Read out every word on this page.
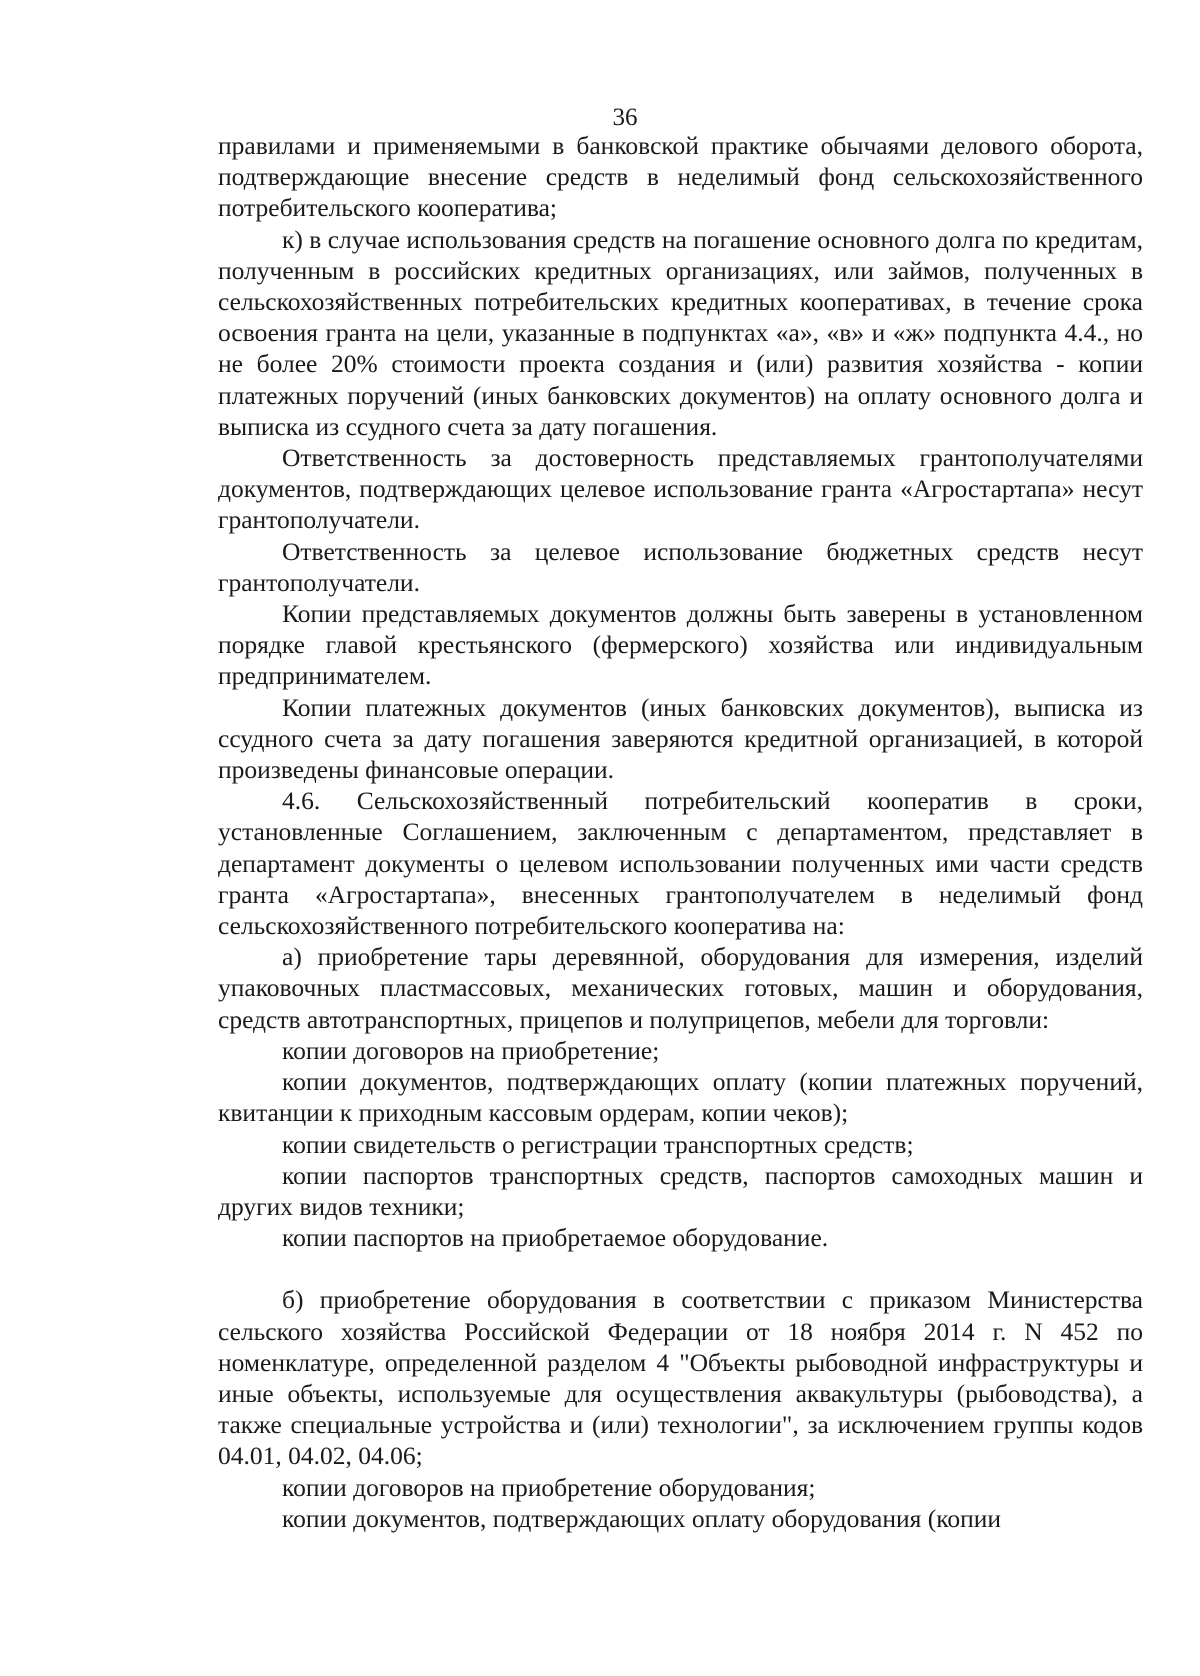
36

правилами и применяемыми в банковской практике обычаями делового оборота, подтверждающие внесение средств в неделимый фонд сельскохозяйственного потребительского кооператива;

к) в случае использования средств на погашение основного долга по кредитам, полученным в российских кредитных организациях, или займов, полученных в сельскохозяйственных потребительских кредитных кооперативах, в течение срока освоения гранта на цели, указанные в подпунктах «а», «в» и «ж» подпункта 4.4., но не более 20% стоимости проекта создания и (или) развития хозяйства - копии платежных поручений (иных банковских документов) на оплату основного долга и выписка из ссудного счета за дату погашения.

Ответственность за достоверность представляемых грантополучателями документов, подтверждающих целевое использование гранта «Агростартапа» несут грантополучатели.

Ответственность за целевое использование бюджетных средств несут грантополучатели.

Копии представляемых документов должны быть заверены в установленном порядке главой крестьянского (фермерского) хозяйства или индивидуальным предпринимателем.

Копии платежных документов (иных банковских документов), выписка из ссудного счета за дату погашения заверяются кредитной организацией, в которой произведены финансовые операции.

4.6. Сельскохозяйственный потребительский кооператив в сроки, установленные Соглашением, заключенным с департаментом, представляет в департамент документы о целевом использовании полученных ими части средств гранта «Агростартапа», внесенных грантополучателем в неделимый фонд сельскохозяйственного потребительского кооператива на:

а) приобретение тары деревянной, оборудования для измерения, изделий упаковочных пластмассовых, механических готовых, машин и оборудования, средств автотранспортных, прицепов и полуприцепов, мебели для торговли:

копии договоров на приобретение;

копии документов, подтверждающих оплату (копии платежных поручений, квитанции к приходным кассовым ордерам, копии чеков);

копии свидетельств о регистрации транспортных средств;

копии паспортов транспортных средств, паспортов самоходных машин и других видов техники;

копии паспортов на приобретаемое оборудование.

б) приобретение оборудования в соответствии с приказом Министерства сельского хозяйства Российской Федерации от 18 ноября 2014 г. N 452 по номенклатуре, определенной разделом 4 "Объекты рыбоводной инфраструктуры и иные объекты, используемые для осуществления аквакультуры (рыбоводства), а также специальные устройства и (или) технологии", за исключением группы кодов 04.01, 04.02, 04.06;

копии договоров на приобретение оборудования;

копии документов, подтверждающих оплату оборудования (копии
